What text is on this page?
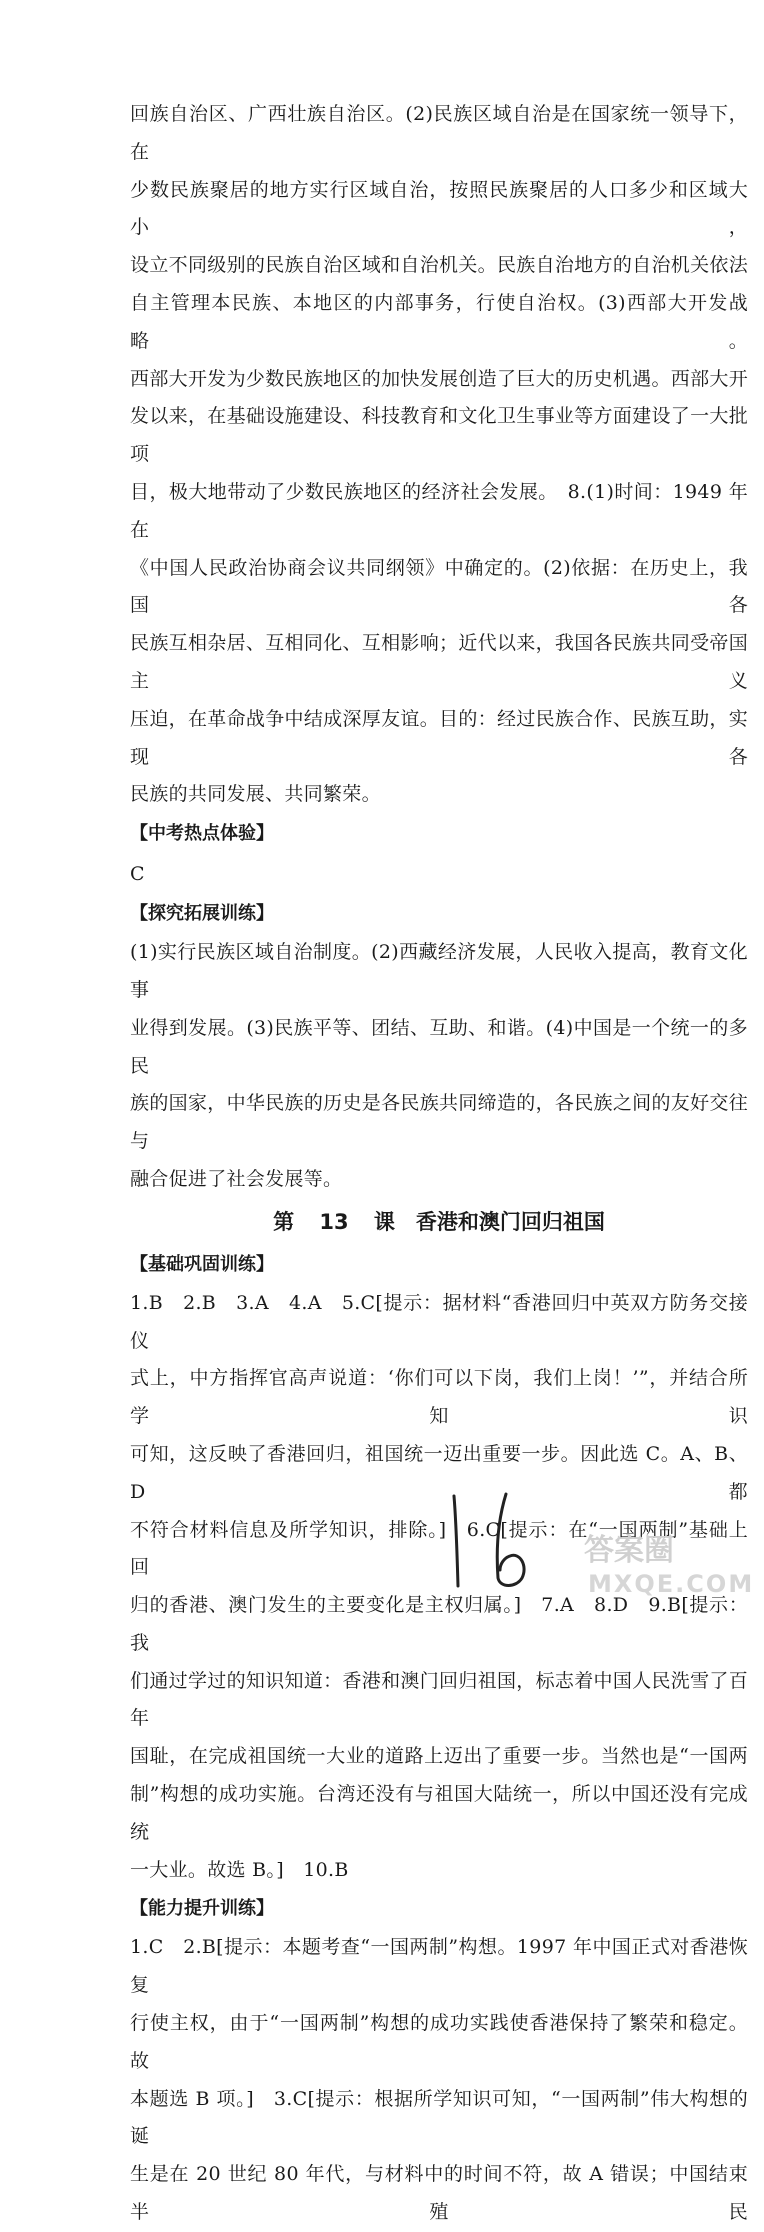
回族自治区、广西壮族自治区。(2)民族区域自治是在国家统一领导下，在

少数民族聚居的地方实行区域自治，按照民族聚居的人口多少和区域大小，

设立不同级别的民族自治区域和自治机关。民族自治地方的自治机关依法

自主管理本民族、本地区的内部事务，行使自治权。(3)西部大开发战略。

西部大开发为少数民族地区的加快发展创造了巨大的历史机遇。西部大开

发以来，在基础设施建设、科技教育和文化卫生事业等方面建设了一大批项

目，极大地带动了少数民族地区的经济社会发展。　8.(1)时间：1949 年在

《中国人民政治协商会议共同纲领》中确定的。(2)依据：在历史上，我国各

民族互相杂居、互相同化、互相影响；近代以来，我国各民族共同受帝国主义

压迫，在革命战争中结成深厚友谊。目的：经过民族合作、民族互助，实现各

民族的共同发展、共同繁荣。

【中考热点体验】

C

【探究拓展训练】

(1)实行民族区域自治制度。(2)西藏经济发展，人民收入提高，教育文化事

业得到发展。(3)民族平等、团结、互助、和谐。(4)中国是一个统一的多民

族的国家，中华民族的历史是各民族共同缔造的，各民族之间的友好交往与

融合促进了社会发展等。

第 13 课　香港和澳门回归祖国

【基础巩固训练】

1.B　2.B　3.A　4.A　5.C[提示：据材料“香港回归中英双方防务交接仪

式上，中方指挥官高声说道：‘你们可以下岗，我们上岗！’”，并结合所学知识

可知，这反映了香港回归，祖国统一迈出重要一步。因此选 C。A、B、D 都

不符合材料信息及所学知识，排除。]　6.C[提示：在“一国两制”基础上回

归的香港、澳门发生的主要变化是主权归属。]　7.A　8.D　9.B[提示：我

们通过学过的知识知道：香港和澳门回归祖国，标志着中国人民洗雪了百年

国耻，在完成祖国统一大业的道路上迈出了重要一步。当然也是“一国两

制”构想的成功实施。台湾还没有与祖国大陆统一，所以中国还没有完成统

一大业。故选 B。]　10.B

【能力提升训练】

1.C　2.B[提示：本题考查“一国两制”构想。1997 年中国正式对香港恢复

行使主权，由于“一国两制”构想的成功实践使香港保持了繁荣和稳定。故

本题选 B 项。]　3.C[提示：根据所学知识可知，“一国两制”伟大构想的诞

生是在 20 世纪 80 年代，与材料中的时间不符，故 A 错误；中国结束半殖民

答案圈
MXQE.COM
